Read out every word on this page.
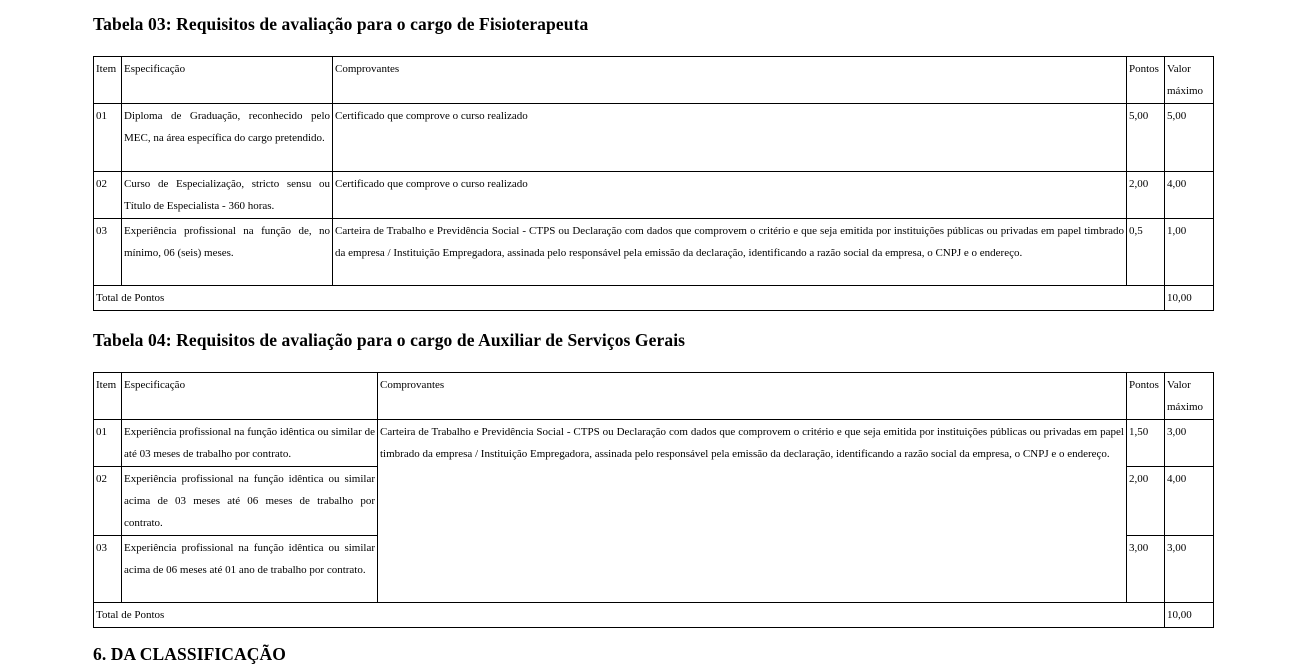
Tabela 03: Requisitos de avaliação para o cargo de Fisioterapeuta
Item	Especificação	Comprovantes	Pontos	Valor máximo
01	Diploma de Graduação, reconhecido pelo MEC, na área específica do cargo pretendido.	Certificado que comprove o curso realizado	5,00	5,00
02	Curso de Especialização, stricto sensu ou Título de Especialista - 360 horas.	Certificado que comprove o curso realizado	2,00	4,00
03	Experiência profissional na função de, no mínimo, 06 (seis) meses.	Carteira de Trabalho e Previdência Social - CTPS ou Declaração com dados que comprovem o critério e que seja emitida por instituições públicas ou privadas em papel timbrado da empresa / Instituição Empregadora, assinada pelo responsável pela emissão da declaração, identificando a razão social da empresa, o CNPJ e o endereço.	0,5	1,00
Total de Pontos				10,00
Tabela 04: Requisitos de avaliação para o cargo de Auxiliar de Serviços Gerais
Item	Especificação	Comprovantes	Pontos	Valor máximo
01	Experiência profissional na função idêntica ou similar de até 03 meses de trabalho por contrato.	Carteira de Trabalho e Previdência Social - CTPS ou Declaração com dados que comprovem o critério e que seja emitida por instituições públicas ou privadas em papel timbrado da empresa / Instituição Empregadora, assinada pelo responsável pela emissão da declaração, identificando a razão social da empresa, o CNPJ e o endereço.	1,50	3,00
02	Experiência profissional na função idêntica ou similar acima de 03 meses até 06 meses de trabalho por contrato.		2,00	4,00
03	Experiência profissional na função idêntica ou similar acima de 06 meses até 01 ano de trabalho por contrato.		3,00	3,00
Total de Pontos				10,00
6. DA CLASSIFICAÇÃO
